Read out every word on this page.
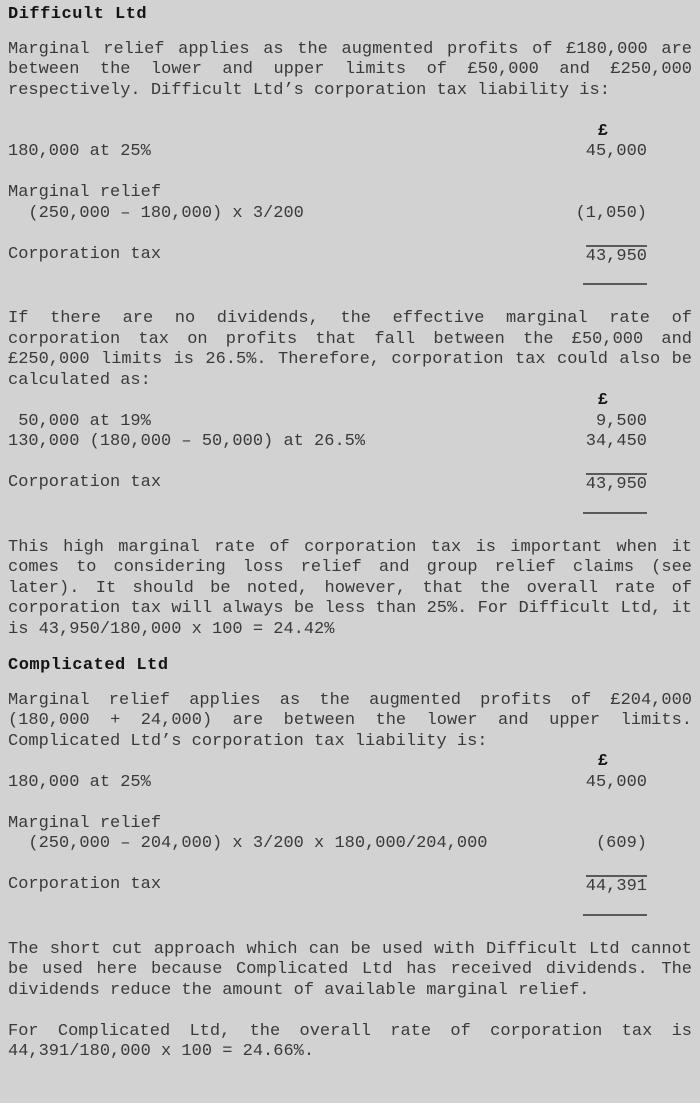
Difficult Ltd

Marginal relief applies as the augmented profits of £180,000 are between the lower and upper limits of £50,000 and £250,000 respectively. Difficult Ltd’s corporation tax liability is:

£
180,000 at 25%	45,000
Marginal relief
(250,000 – 180,000) x 3/200	(1,050)
Corporation tax	43,950

If there are no dividends, the effective marginal rate of corporation tax on profits that fall between the £50,000 and £250,000 limits is 26.5%. Therefore, corporation tax could also be calculated as:

£
50,000 at 19%	9,500
130,000 (180,000 – 50,000) at 26.5%	34,450
Corporation tax	43,950

This high marginal rate of corporation tax is important when it comes to considering loss relief and group relief claims (see later). It should be noted, however, that the overall rate of corporation tax will always be less than 25%. For Difficult Ltd, it is 43,950/180,000 x 100 = 24.42%

Complicated Ltd

Marginal relief applies as the augmented profits of £204,000 (180,000 + 24,000) are between the lower and upper limits. Complicated Ltd’s corporation tax liability is:

£
180,000 at 25%	45,000
Marginal relief
(250,000 – 204,000) x 3/200 x 180,000/204,000	(609)
Corporation tax	44,391

The short cut approach which can be used with Difficult Ltd cannot be used here because Complicated Ltd has received dividends. The dividends reduce the amount of available marginal relief.

For Complicated Ltd, the overall rate of corporation tax is 44,391/180,000 x 100 = 24.66%.
